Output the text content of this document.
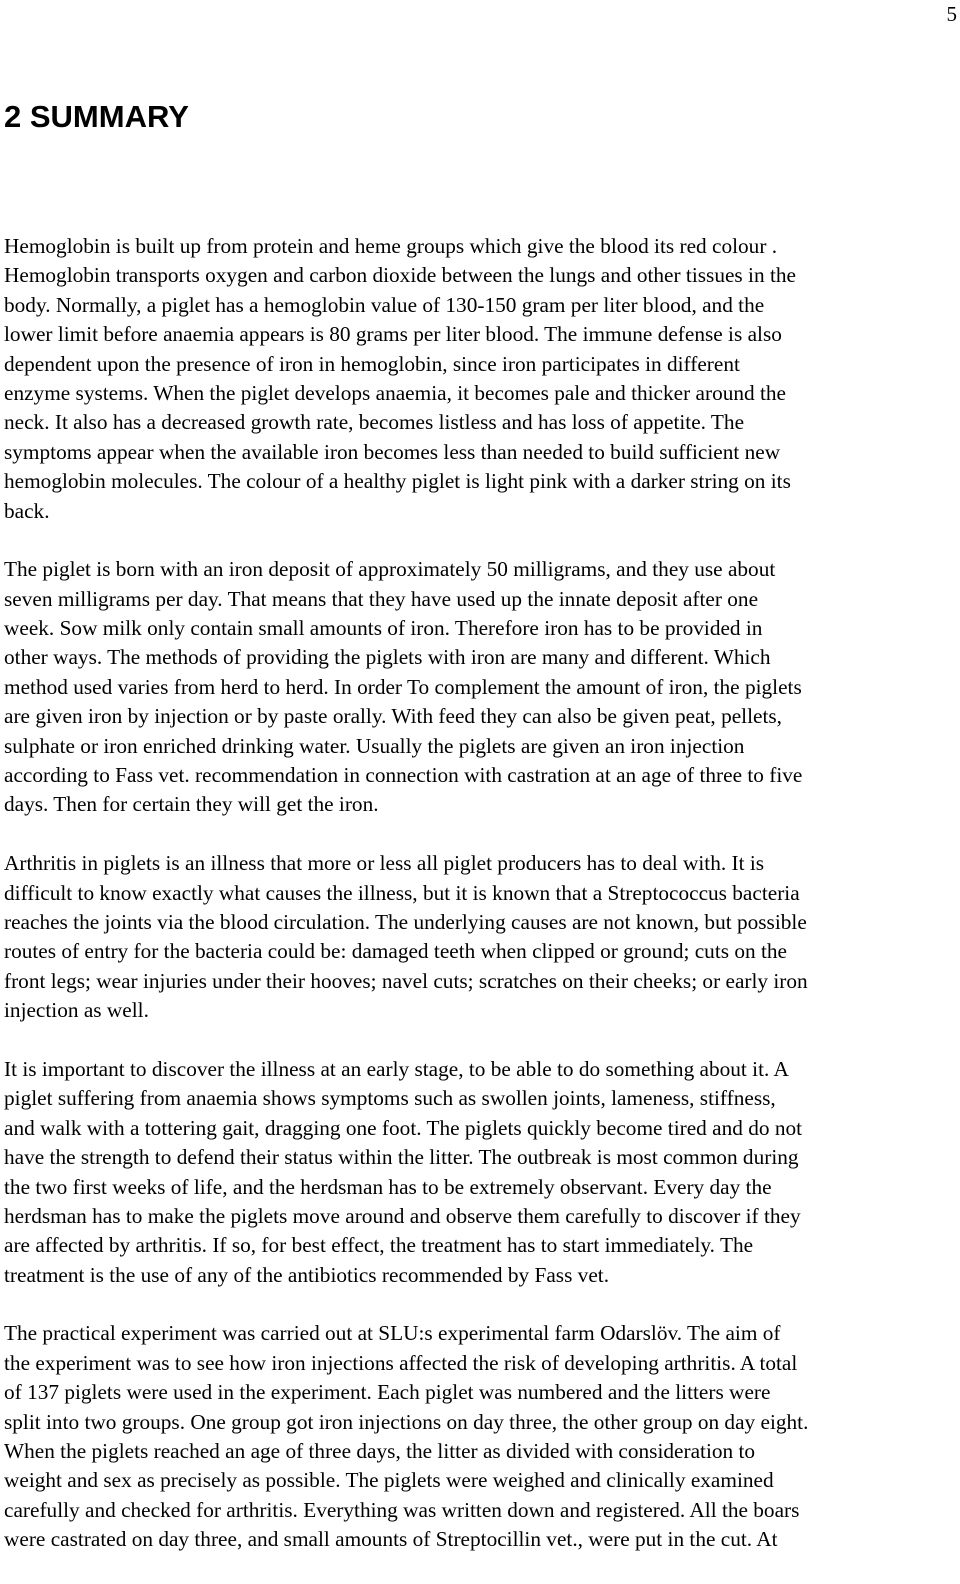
5
2 SUMMARY

Hemoglobin is built up from protein and heme groups which give the blood its red colour .
Hemoglobin transports oxygen and carbon dioxide between the lungs and other tissues in the
body. Normally, a piglet has a hemoglobin value of 130-150 gram per liter blood, and the
lower limit before anaemia appears is 80 grams per liter blood. The immune defense is also
dependent upon the presence of iron in hemoglobin, since iron participates in different
enzyme systems. When the piglet develops anaemia, it becomes pale and thicker around the
neck. It also has a decreased growth rate, becomes listless and has loss of appetite. The
symptoms appear when the available iron becomes less than needed to build sufficient new
hemoglobin molecules. The colour of a healthy piglet is light pink with a darker string on its
back.

The piglet is born with an iron deposit of approximately 50 milligrams, and they use about
seven milligrams per day. That means that they have used up the innate deposit after one
week. Sow milk only contain small amounts of iron. Therefore iron has to be provided in
other ways. The methods of providing the piglets with iron are many and different. Which
method used varies from herd to herd. In order To complement the amount of iron, the piglets
are given iron by injection or by paste orally. With feed they can also be given peat, pellets,
sulphate or iron enriched drinking water. Usually the piglets are given an iron injection
according to Fass vet. recommendation in connection with castration at an age of three to five
days. Then for certain they will get the iron.

Arthritis in piglets is an illness that more or less all piglet producers has to deal with. It is
difficult to know exactly what causes the illness, but it is known that a Streptococcus bacteria
reaches the joints via the blood circulation. The underlying causes are not known, but possible
routes of entry for the bacteria could be: damaged teeth when clipped or ground; cuts on the
front legs; wear injuries under their hooves; navel cuts; scratches on their cheeks; or early iron
injection as well.

It is important to discover the illness at an early stage, to be able to do something about it. A
piglet suffering from anaemia shows symptoms such as swollen joints, lameness, stiffness,
and walk with a tottering gait, dragging one foot. The piglets quickly become tired and do not
have the strength to defend their status within the litter. The outbreak is most common during
the two first weeks of life, and the herdsman has to be extremely observant. Every day the
herdsman has to make the piglets move around and observe them carefully to discover if they
are affected by arthritis. If so, for best effect, the treatment has to start immediately. The
treatment is the use of any of the antibiotics recommended by Fass vet.

The practical experiment was carried out at SLU:s experimental farm Odarslöv. The aim of
the experiment was to see how iron injections affected the risk of developing arthritis. A total
of 137 piglets were used in the experiment. Each piglet was numbered and the litters were
split into two groups. One group got iron injections on day three, the other group on day eight.
When the piglets reached an age of three days, the litter as divided with consideration to
weight and sex as precisely as possible. The piglets were weighed and clinically examined
carefully and checked for arthritis. Everything was written down and registered. All the boars
were castrated on day three, and small amounts of Streptocillin vet., were put in the cut. At
